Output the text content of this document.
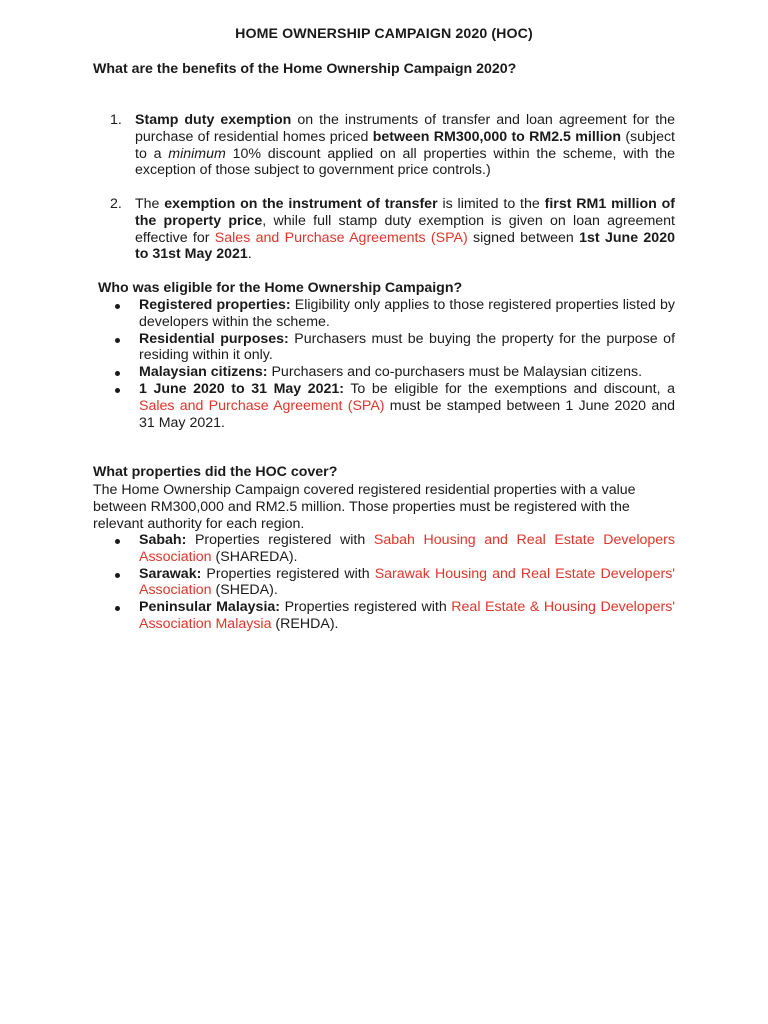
HOME OWNERSHIP CAMPAIGN 2020 (HOC)
What are the benefits of the Home Ownership Campaign 2020?
1. Stamp duty exemption on the instruments of transfer and loan agreement for the purchase of residential homes priced between RM300,000 to RM2.5 million (subject to a minimum 10% discount applied on all properties within the scheme, with the exception of those subject to government price controls.)
2. The exemption on the instrument of transfer is limited to the first RM1 million of the property price, while full stamp duty exemption is given on loan agreement effective for Sales and Purchase Agreements (SPA) signed between 1st June 2020 to 31st May 2021.
Who was eligible for the Home Ownership Campaign?
Registered properties: Eligibility only applies to those registered properties listed by developers within the scheme.
Residential purposes: Purchasers must be buying the property for the purpose of residing within it only.
Malaysian citizens: Purchasers and co-purchasers must be Malaysian citizens.
1 June 2020 to 31 May 2021: To be eligible for the exemptions and discount, a Sales and Purchase Agreement (SPA) must be stamped between 1 June 2020 and 31 May 2021.
What properties did the HOC cover?
The Home Ownership Campaign covered registered residential properties with a value between RM300,000 and RM2.5 million. Those properties must be registered with the relevant authority for each region.
Sabah: Properties registered with Sabah Housing and Real Estate Developers Association (SHAREDA).
Sarawak: Properties registered with Sarawak Housing and Real Estate Developers' Association (SHEDA).
Peninsular Malaysia: Properties registered with Real Estate & Housing Developers' Association Malaysia (REHDA).
